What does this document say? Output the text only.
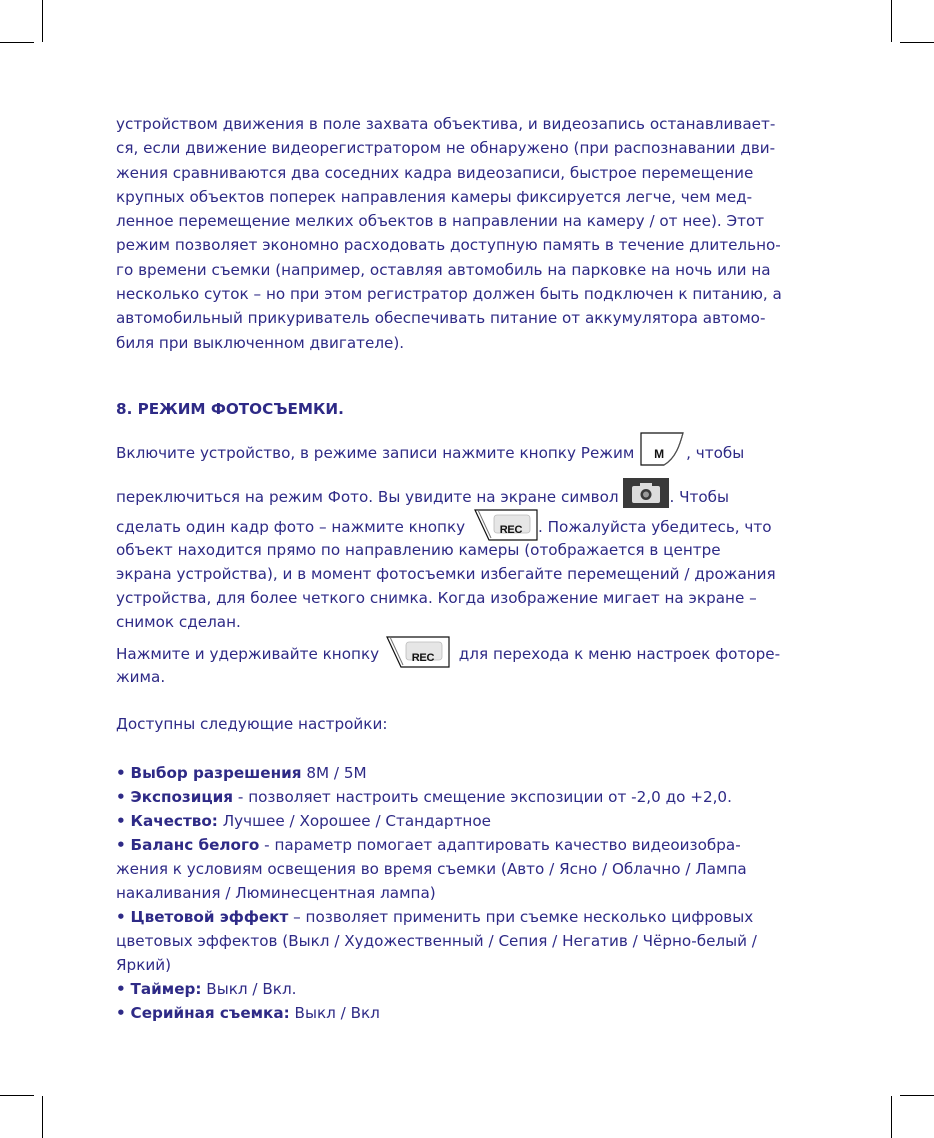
устройством движения в поле захвата объектива, и видеозапись останавливает-
ся, если движение видеорегистратором не обнаружено (при распознавании дви-
жения сравниваются два соседних кадра видеозаписи, быстрое перемещение
крупных объектов поперек направления камеры фиксируется легче, чем мед-
ленное перемещение мелких объектов в направлении на камеру / от нее). Этот
режим позволяет экономно расходовать доступную память в течение длительно-
го времени съемки (например, оставляя автомобиль на парковке на ночь или на
несколько суток – но при этом регистратор должен быть подключен к питанию, а
автомобильный прикуриватель обеспечивать питание от аккумулятора автомо-
биля при выключенном двигателе).
8. РЕЖИМ ФОТОСЪЕМКИ.
Включите устройство, в режиме записи нажмите кнопку Режим	M	, чтобы
переключиться на режим Фото. Вы увидите на экране символ	. Чтобы
сделать один кадр фото – нажмите кнопку	REC	. Пожалуйста убедитесь, что
объект находится прямо по направлению камеры (отображается в центре
экрана устройства), и в момент фотосъемки избегайте перемещений / дрожания
устройства, для более четкого снимка. Когда изображение мигает на экране –
снимок сделан.
Нажмите и удерживайте кнопку	REC	для перехода к меню настроек фоторе-
жима.
Доступны следующие настройки:
• Выбор разрешения 8M / 5M
• Экспозиция - позволяет настроить смещение экспозиции от -2,0 до +2,0.
• Качество: Лучшее / Хорошее / Стандартное
• Баланс белого - параметр помогает адаптировать качество видеоизобра-
жения к условиям освещения во время съемки (Авто / Ясно / Облачно / Лампа
накаливания / Люминесцентная лампа)
• Цветовой эффект – позволяет применить при съемке несколько цифровых
цветовых эффектов (Выкл / Художественный / Сепия / Негатив / Чёрно-белый /
Яркий)
• Таймер: Выкл / Вкл.
• Серийная съемка: Выкл / Вкл
